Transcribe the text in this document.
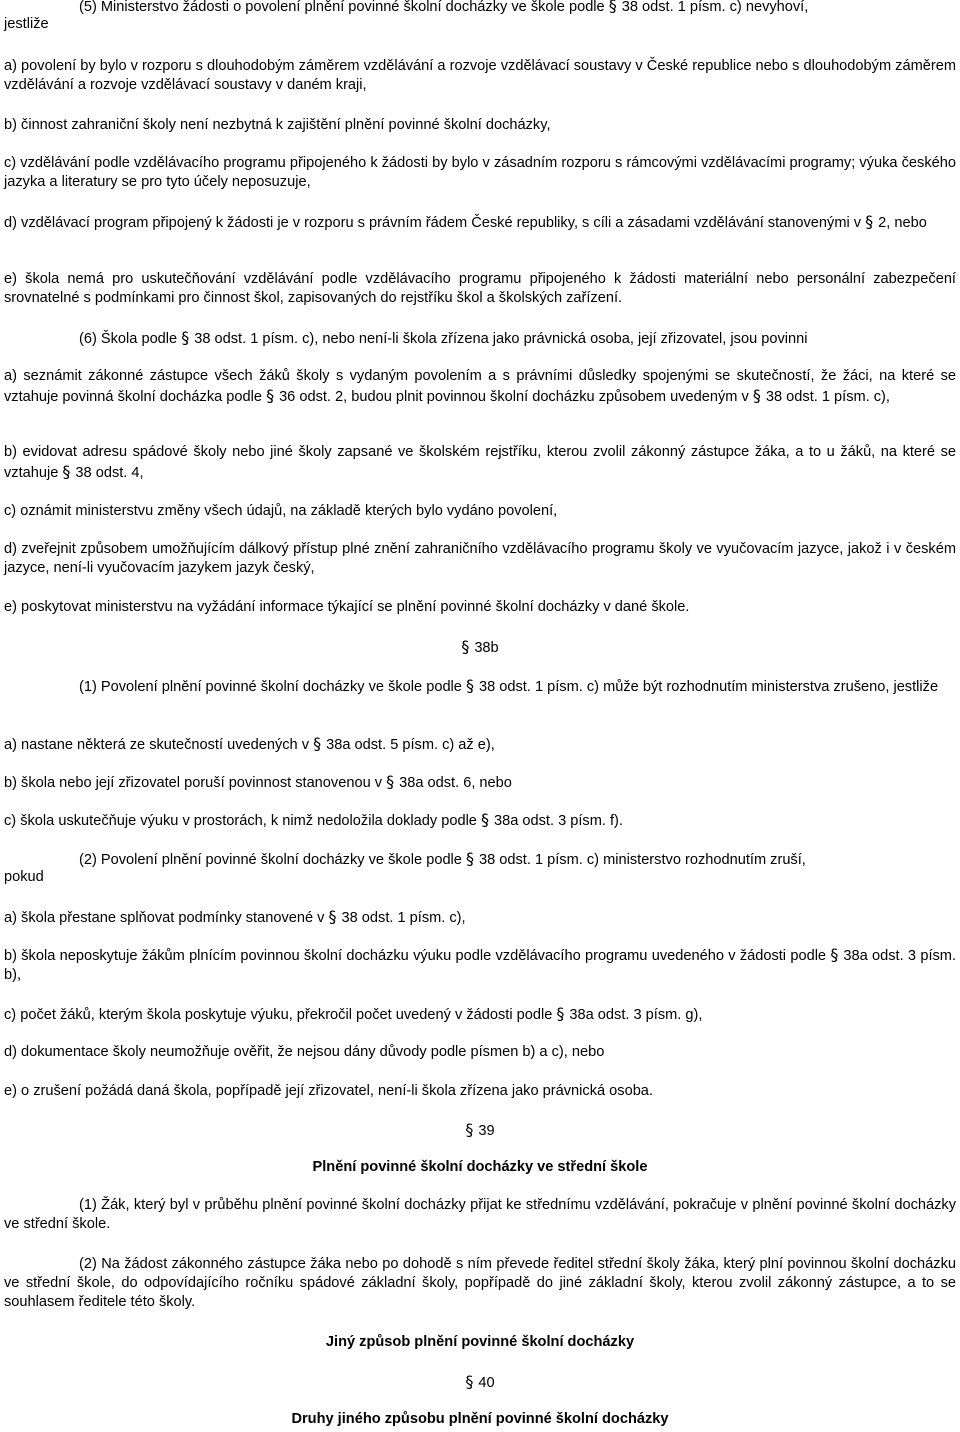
(5) Ministerstvo žádosti o povolení plnění povinné školní docházky ve škole podle § 38 odst. 1 písm. c) nevyhoví,
jestliže
a) povolení by bylo v rozporu s dlouhodobým záměrem vzdělávání a rozvoje vzdělávací soustavy v České republice nebo s dlouhodobým záměrem vzdělávání a rozvoje vzdělávací soustavy v daném kraji,
b) činnost zahraniční školy není nezbytná k zajištění plnění povinné školní docházky,
c) vzdělávání podle vzdělávacího programu připojeného k žádosti by bylo v zásadním rozporu s rámcovými vzdělávacími programy; výuka českého jazyka a literatury se pro tyto účely neposuzuje,
d) vzdělávací program připojený k žádosti je v rozporu s právním řádem České republiky, s cíli a zásadami vzdělávání stanovenými v § 2, nebo
e) škola nemá pro uskutečňování vzdělávání podle vzdělávacího programu připojeného k žádosti materiální nebo personální zabezpečení srovnatelné s podmínkami pro činnost škol, zapisovaných do rejstříku škol a školských zařízení.
(6) Škola podle § 38 odst. 1 písm. c), nebo není-li škola zřízena jako právnická osoba, její zřizovatel, jsou povinni
a) seznámit zákonné zástupce všech žáků školy s vydaným povolením a s právními důsledky spojenými se skutečností, že žáci, na které se vztahuje povinná školní docházka podle § 36 odst. 2, budou plnit povinnou školní docházku způsobem uvedeným v § 38 odst. 1 písm. c),
b) evidovat adresu spádové školy nebo jiné školy zapsané ve školském rejstříku, kterou zvolil zákonný zástupce žáka, a to u žáků, na které se vztahuje § 38 odst. 4,
c) oznámit ministerstvu změny všech údajů, na základě kterých bylo vydáno povolení,
d) zveřejnit způsobem umožňujícím dálkový přístup plné znění zahraničního vzdělávacího programu školy ve vyučovacím jazyce, jakož i v českém jazyce, není-li vyučovacím jazykem jazyk český,
e) poskytovat ministerstvu na vyžádání informace týkající se plnění povinné školní docházky v dané škole.
§ 38b
(1) Povolení plnění povinné školní docházky ve škole podle § 38 odst. 1 písm. c) může být rozhodnutím ministerstva zrušeno, jestliže
a) nastane některá ze skutečností uvedených v § 38a odst. 5 písm. c) až e),
b) škola nebo její zřizovatel poruší povinnost stanovenou v § 38a odst. 6, nebo
c) škola uskutečňuje výuku v prostorách, k nimž nedoložila doklady podle § 38a odst. 3 písm. f).
(2) Povolení plnění povinné školní docházky ve škole podle § 38 odst. 1 písm. c) ministerstvo rozhodnutím zruší,
pokud
a) škola přestane splňovat podmínky stanovené v § 38 odst. 1 písm. c),
b) škola neposkytuje žákům plnícím povinnou školní docházku výuku podle vzdělávacího programu uvedeného v žádosti podle § 38a odst. 3 písm. b),
c) počet žáků, kterým škola poskytuje výuku, překročil počet uvedený v žádosti podle § 38a odst. 3 písm. g),
d) dokumentace školy neumožňuje ověřit, že nejsou dány důvody podle písmen b) a c), nebo
e) o zrušení požádá daná škola, popřípadě její zřizovatel, není-li škola zřízena jako právnická osoba.
§ 39
Plnění povinné školní docházky ve střední škole
(1) Žák, který byl v průběhu plnění povinné školní docházky přijat ke střednímu vzdělávání, pokračuje v plnění povinné školní docházky ve střední škole.
(2) Na žádost zákonného zástupce žáka nebo po dohodě s ním převede ředitel střední školy žáka, který plní povinnou školní docházku ve střední škole, do odpovídajícího ročníku spádové základní školy, popřípadě do jiné základní školy, kterou zvolil zákonný zástupce, a to se souhlasem ředitele této školy.
Jiný způsob plnění povinné školní docházky
§ 40
Druhy jiného způsobu plnění povinné školní docházky
